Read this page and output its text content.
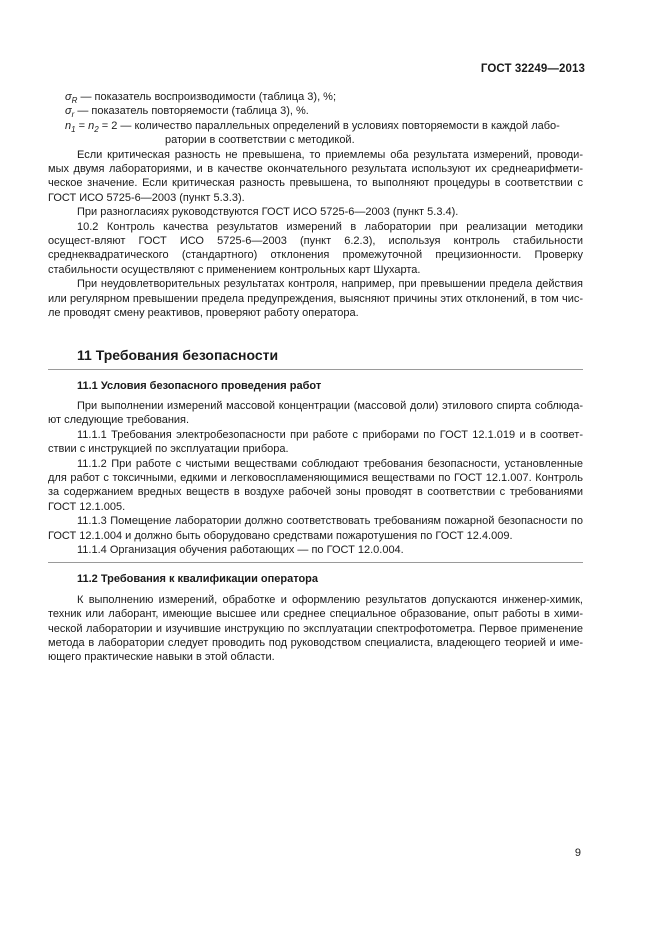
ГОСТ 32249—2013
$\sigma_R$ — показатель воспроизводимости (таблица 3), %;
$\sigma_r$ — показатель повторяемости (таблица 3), %.
$n_1 = n_2 = 2$ — количество параллельных определений в условиях повторяемости в каждой лабо-
ратории в соответствии с методикой.

Если критическая разность не превышена, то приемлемы оба результата измерений, проводи-мых двумя лабораториями, и в качестве окончательного результата используют их среднеарифмети-ческое значение. Если критическая разность превышена, то выполняют процедуры в соответствии с ГОСТ ИСО 5725-6—2003 (пункт 5.3.3).

При разногласиях руководствуются ГОСТ ИСО 5725-6—2003 (пункт 5.3.4).

10.2 Контроль качества результатов измерений в лаборатории при реализации методики осущест-вляют ГОСТ ИСО 5725-6—2003 (пункт 6.2.3), используя контроль стабильности среднеквадратического (стандартного) отклонения промежуточной прецизионности. Проверку стабильности осуществляют с применением контрольных карт Шухарта.

При неудовлетворительных результатах контроля, например, при превышении предела действия или регулярном превышении предела предупреждения, выясняют причины этих отклонений, в том чис-ле проводят смену реактивов, проверяют работу оператора.

11 Требования безопасности
11.1 Условия безопасного проведения работ

При выполнении измерений массовой концентрации (массовой доли) этилового спирта соблюда-ют следующие требования.

11.1.1 Требования электробезопасности при работе с приборами по ГОСТ 12.1.019 и в соответ-ствии с инструкцией по эксплуатации прибора.

11.1.2 При работе с чистыми веществами соблюдают требования безопасности, установленные для работ с токсичными, едкими и легковоспламеняющимися веществами по ГОСТ 12.1.007. Контроль за содержанием вредных веществ в воздухе рабочей зоны проводят в соответствии с требованиями ГОСТ 12.1.005.

11.1.3 Помещение лаборатории должно соответствовать требованиям пожарной безопасности по ГОСТ 12.1.004 и должно быть оборудовано средствами пожаротушения по ГОСТ 12.4.009.

11.1.4 Организация обучения работающих — по ГОСТ 12.0.004.

11.2 Требования к квалификации оператора

К выполнению измерений, обработке и оформлению результатов допускаются инженер-химик, техник или лаборант, имеющие высшее или среднее специальное образование, опыт работы в хими-ческой лаборатории и изучившие инструкцию по эксплуатации спектрофотометра. Первое применение метода в лаборатории следует проводить под руководством специалиста, владеющего теорией и име-ющего практические навыки в этой области.

9
